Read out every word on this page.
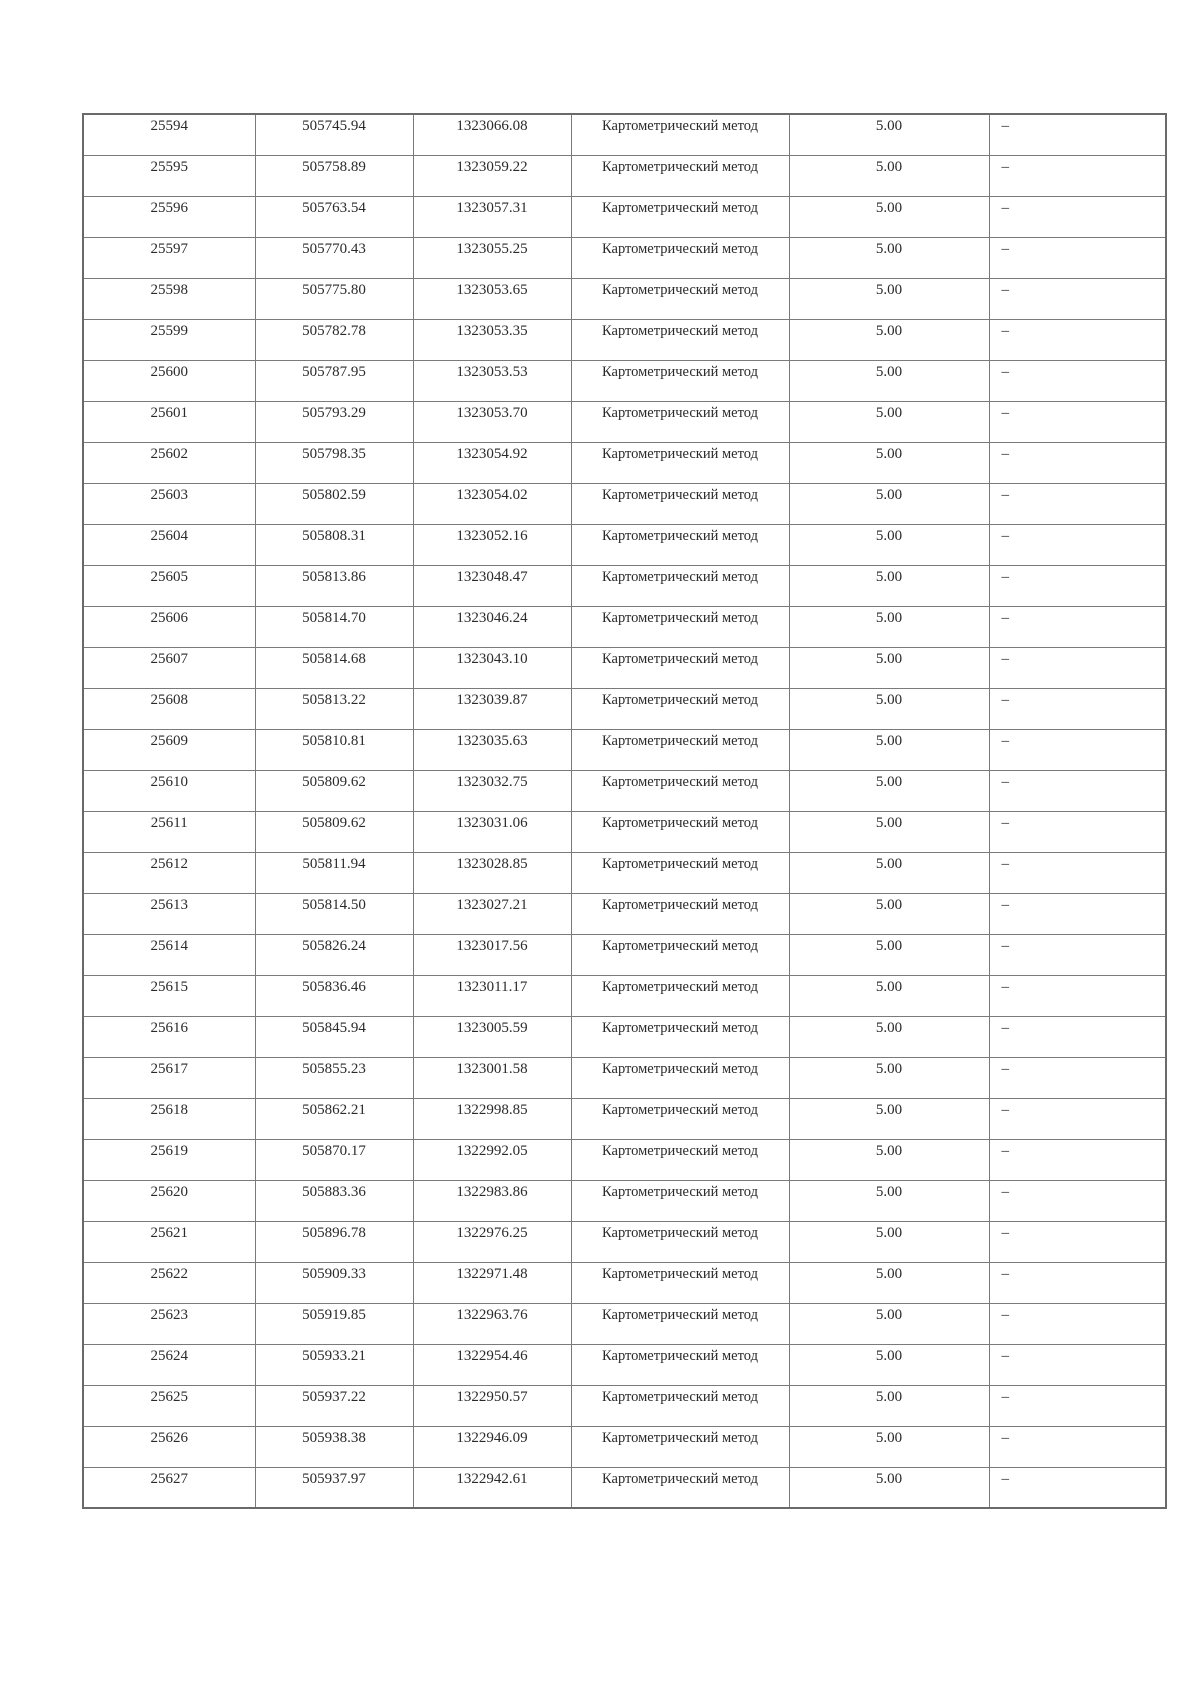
25594	505745.94	1323066.08	Картометрический метод	5.00	–
25595	505758.89	1323059.22	Картометрический метод	5.00	–
25596	505763.54	1323057.31	Картометрический метод	5.00	–
25597	505770.43	1323055.25	Картометрический метод	5.00	–
25598	505775.80	1323053.65	Картометрический метод	5.00	–
25599	505782.78	1323053.35	Картометрический метод	5.00	–
25600	505787.95	1323053.53	Картометрический метод	5.00	–
25601	505793.29	1323053.70	Картометрический метод	5.00	–
25602	505798.35	1323054.92	Картометрический метод	5.00	–
25603	505802.59	1323054.02	Картометрический метод	5.00	–
25604	505808.31	1323052.16	Картометрический метод	5.00	–
25605	505813.86	1323048.47	Картометрический метод	5.00	–
25606	505814.70	1323046.24	Картометрический метод	5.00	–
25607	505814.68	1323043.10	Картометрический метод	5.00	–
25608	505813.22	1323039.87	Картометрический метод	5.00	–
25609	505810.81	1323035.63	Картометрический метод	5.00	–
25610	505809.62	1323032.75	Картометрический метод	5.00	–
25611	505809.62	1323031.06	Картометрический метод	5.00	–
25612	505811.94	1323028.85	Картометрический метод	5.00	–
25613	505814.50	1323027.21	Картометрический метод	5.00	–
25614	505826.24	1323017.56	Картометрический метод	5.00	–
25615	505836.46	1323011.17	Картометрический метод	5.00	–
25616	505845.94	1323005.59	Картометрический метод	5.00	–
25617	505855.23	1323001.58	Картометрический метод	5.00	–
25618	505862.21	1322998.85	Картометрический метод	5.00	–
25619	505870.17	1322992.05	Картометрический метод	5.00	–
25620	505883.36	1322983.86	Картометрический метод	5.00	–
25621	505896.78	1322976.25	Картометрический метод	5.00	–
25622	505909.33	1322971.48	Картометрический метод	5.00	–
25623	505919.85	1322963.76	Картометрический метод	5.00	–
25624	505933.21	1322954.46	Картометрический метод	5.00	–
25625	505937.22	1322950.57	Картометрический метод	5.00	–
25626	505938.38	1322946.09	Картометрический метод	5.00	–
25627	505937.97	1322942.61	Картометрический метод	5.00	–
